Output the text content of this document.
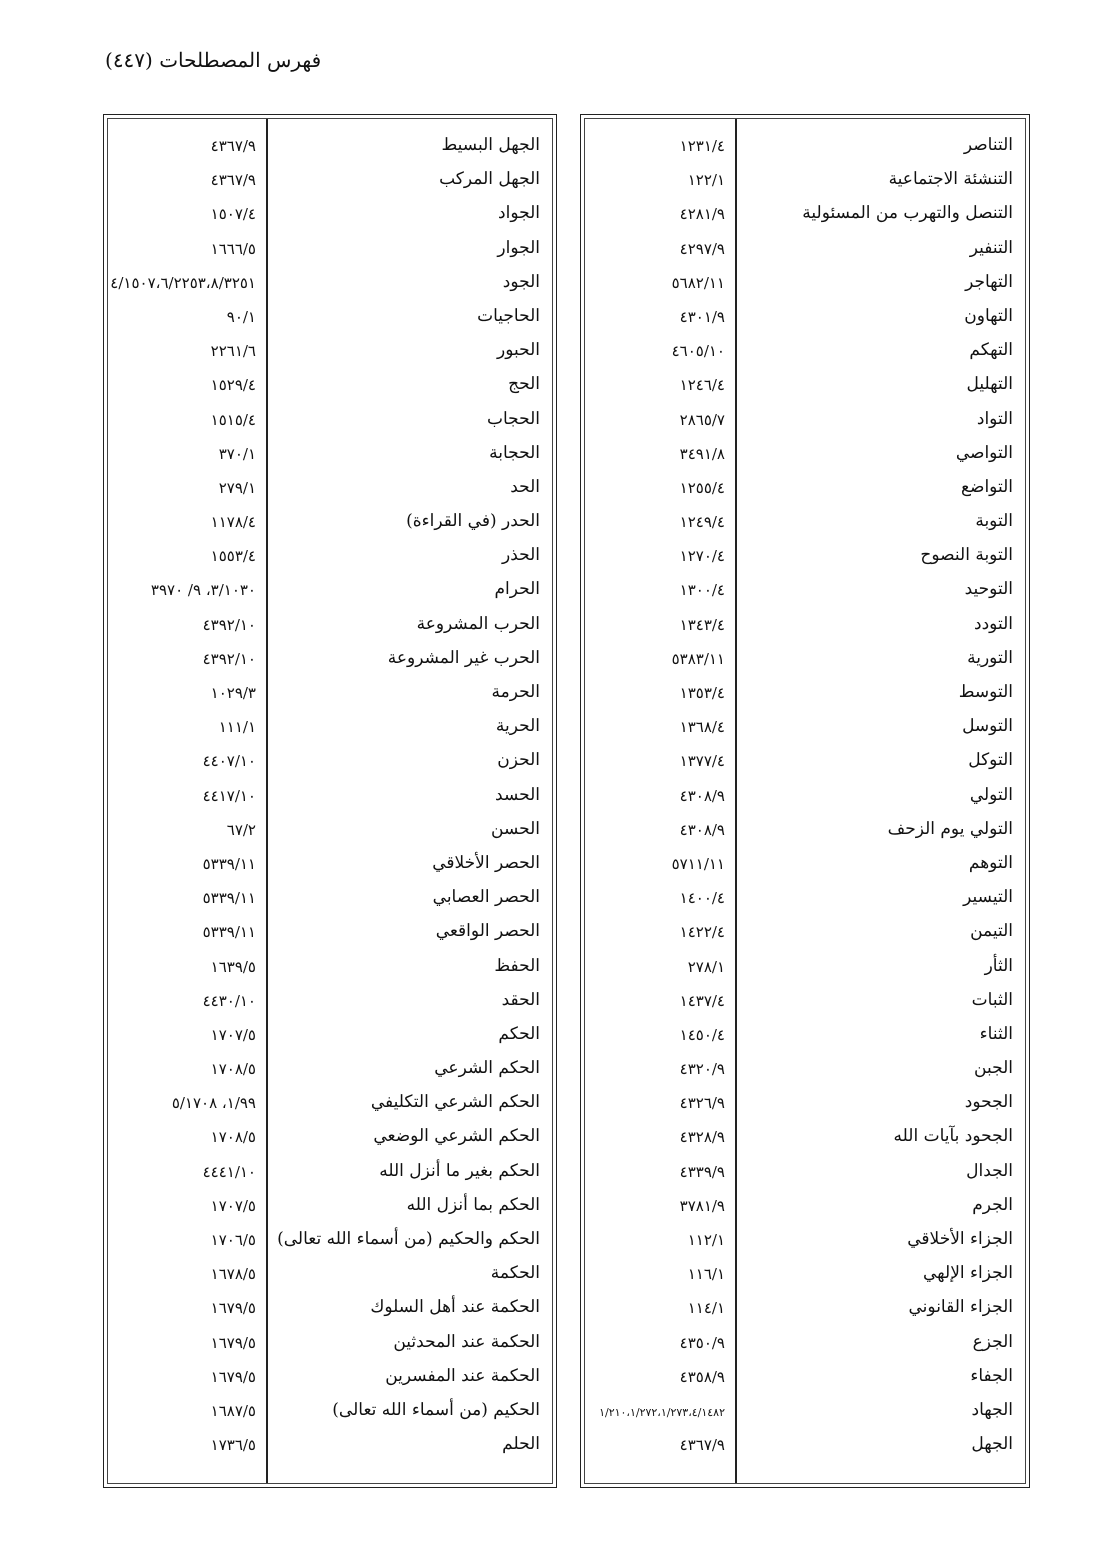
فهرس المصطلحات (٤٤٧)
الجهل البسيط
٤٣٦٧/٩
الجهل المركب
٤٣٦٧/٩
الجواد
١٥٠٧/٤
الجوار
١٦٦٦/٥
الجود
٤/١٥٠٧،٦/٢٢٥٣،٨/٣٢٥١
الحاجيات
٩٠/١
الحبور
٢٢٦١/٦
الحج
١٥٢٩/٤
الحجاب
١٥١٥/٤
الحجابة
٣٧٠/١
الحد
٢٧٩/١
الحدر (في القراءة)
١١٧٨/٤
الحذر
١٥٥٣/٤
الحرام
٣/١٠٣٠، ٩/ ٣٩٧٠
الحرب المشروعة
٤٣٩٢/١٠
الحرب غير المشروعة
٤٣٩٢/١٠
الحرمة
١٠٢٩/٣
الحرية
١١١/١
الحزن
٤٤٠٧/١٠
الحسد
٤٤١٧/١٠
الحسن
٦٧/٢
الحصر الأخلاقي
٥٣٣٩/١١
الحصر العصابي
٥٣٣٩/١١
الحصر الواقعي
٥٣٣٩/١١
الحفظ
١٦٣٩/٥
الحقد
٤٤٣٠/١٠
الحكم
١٧٠٧/٥
الحكم الشرعي
١٧٠٨/٥
الحكم الشرعي التكليفي
١/٩٩، ٥/١٧٠٨
الحكم الشرعي الوضعي
١٧٠٨/٥
الحكم بغير ما أنزل الله
٤٤٤١/١٠
الحكم بما أنزل الله
١٧٠٧/٥
الحكم والحكيم (من أسماء الله تعالى)
١٧٠٦/٥
الحكمة
١٦٧٨/٥
الحكمة عند أهل السلوك
١٦٧٩/٥
الحكمة عند المحدثين
١٦٧٩/٥
الحكمة عند المفسرين
١٦٧٩/٥
الحكيم (من أسماء الله تعالى)
١٦٨٧/٥
الحلم
١٧٣٦/٥
التناصر
١٢٣١/٤
التنشئة الاجتماعية
١٢٢/١
التنصل والتهرب من المسئولية
٤٢٨١/٩
التنفير
٤٢٩٧/٩
التهاجر
٥٦٨٢/١١
التهاون
٤٣٠١/٩
التهكم
٤٦٠٥/١٠
التهليل
١٢٤٦/٤
التواد
٢٨٦٥/٧
التواصي
٣٤٩١/٨
التواضع
١٢٥٥/٤
التوبة
١٢٤٩/٤
التوبة النصوح
١٢٧٠/٤
التوحيد
١٣٠٠/٤
التودد
١٣٤٣/٤
التورية
٥٣٨٣/١١
التوسط
١٣٥٣/٤
التوسل
١٣٦٨/٤
التوكل
١٣٧٧/٤
التولي
٤٣٠٨/٩
التولي يوم الزحف
٤٣٠٨/٩
التوهم
٥٧١١/١١
التيسير
١٤٠٠/٤
التيمن
١٤٢٢/٤
الثأر
٢٧٨/١
الثبات
١٤٣٧/٤
الثناء
١٤٥٠/٤
الجبن
٤٣٢٠/٩
الجحود
٤٣٢٦/٩
الجحود بآيات الله
٤٣٢٨/٩
الجدال
٤٣٣٩/٩
الجرم
٣٧٨١/٩
الجزاء الأخلاقي
١١٢/١
الجزاء الإلهي
١١٦/١
الجزاء القانوني
١١٤/١
الجزع
٤٣٥٠/٩
الجفاء
٤٣٥٨/٩
الجهاد
١/٢١٠،١/٢٧٢،١/٢٧٣،٤/١٤٨٢
الجهل
٤٣٦٧/٩
